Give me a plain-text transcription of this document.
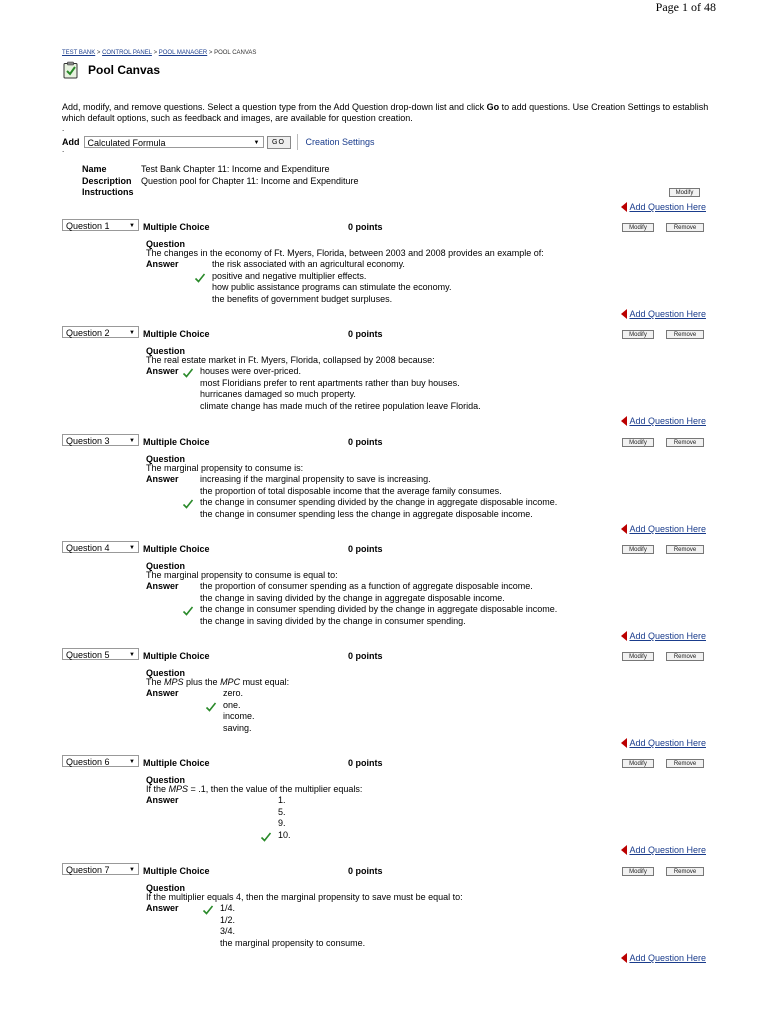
Page 1 of 48
TEST BANK > CONTROL PANEL > POOL MANAGER > POOL CANVAS
Pool Canvas
Add, modify, and remove questions. Select a question type from the Add Question drop-down list and click Go to add questions. Use Creation Settings to establish which default options, such as feedback and images, are available for question creation.
.
Add Calculated Formula	▼	GO	Creation Settings
.
Name	Test Bank Chapter 11: Income and Expenditure
Description	Question pool for Chapter 11: Income and Expenditure
Instructions	Modify
Add Question Here
Question 1	▼ Multiple Choice	0 points	Modify	Remove
Question
The changes in the economy of Ft. Myers, Florida, between 2003 and 2008 provides an example of:
Answer	the risk associated with an agricultural economy.
positive and negative multiplier effects.
how public assistance programs can stimulate the economy.
the benefits of government budget surpluses.
Add Question Here
Question 2	▼ Multiple Choice	0 points	Modify	Remove
Question
The real estate market in Ft. Myers, Florida, collapsed by 2008 because:
Answer houses were over-priced.
most Floridians prefer to rent apartments rather than buy houses.
hurricanes damaged so much property.
climate change has made much of the retiree population leave Florida.
Add Question Here
Question 3	▼ Multiple Choice	0 points	Modify	Remove
Question
The marginal propensity to consume is:
Answer increasing if the marginal propensity to save is increasing.
the proportion of total disposable income that the average family consumes.
the change in consumer spending divided by the change in aggregate disposable income.
the change in consumer spending less the change in aggregate disposable income.
Add Question Here
Question 4	▼ Multiple Choice	0 points	Modify	Remove
Question
The marginal propensity to consume is equal to:
Answer the proportion of consumer spending as a function of aggregate disposable income.
the change in saving divided by the change in aggregate disposable income.
the change in consumer spending divided by the change in aggregate disposable income.
the change in saving divided by the change in consumer spending.
Add Question Here
Question 5	▼ Multiple Choice	0 points	Modify	Remove
Question
The MPS plus the MPC must equal:
Answer	zero.
one.
income.
saving.
Add Question Here
Question 6	▼ Multiple Choice	0 points	Modify	Remove
Question
If the MPS = .1, then the value of the multiplier equals:
Answer	1.
5.
9.
10.
Add Question Here
Question 7	▼ Multiple Choice	0 points	Modify	Remove
Question
If the multiplier equals 4, then the marginal propensity to save must be equal to:
Answer	1/4.
1/2.
3/4.
the marginal propensity to consume.
Add Question Here
